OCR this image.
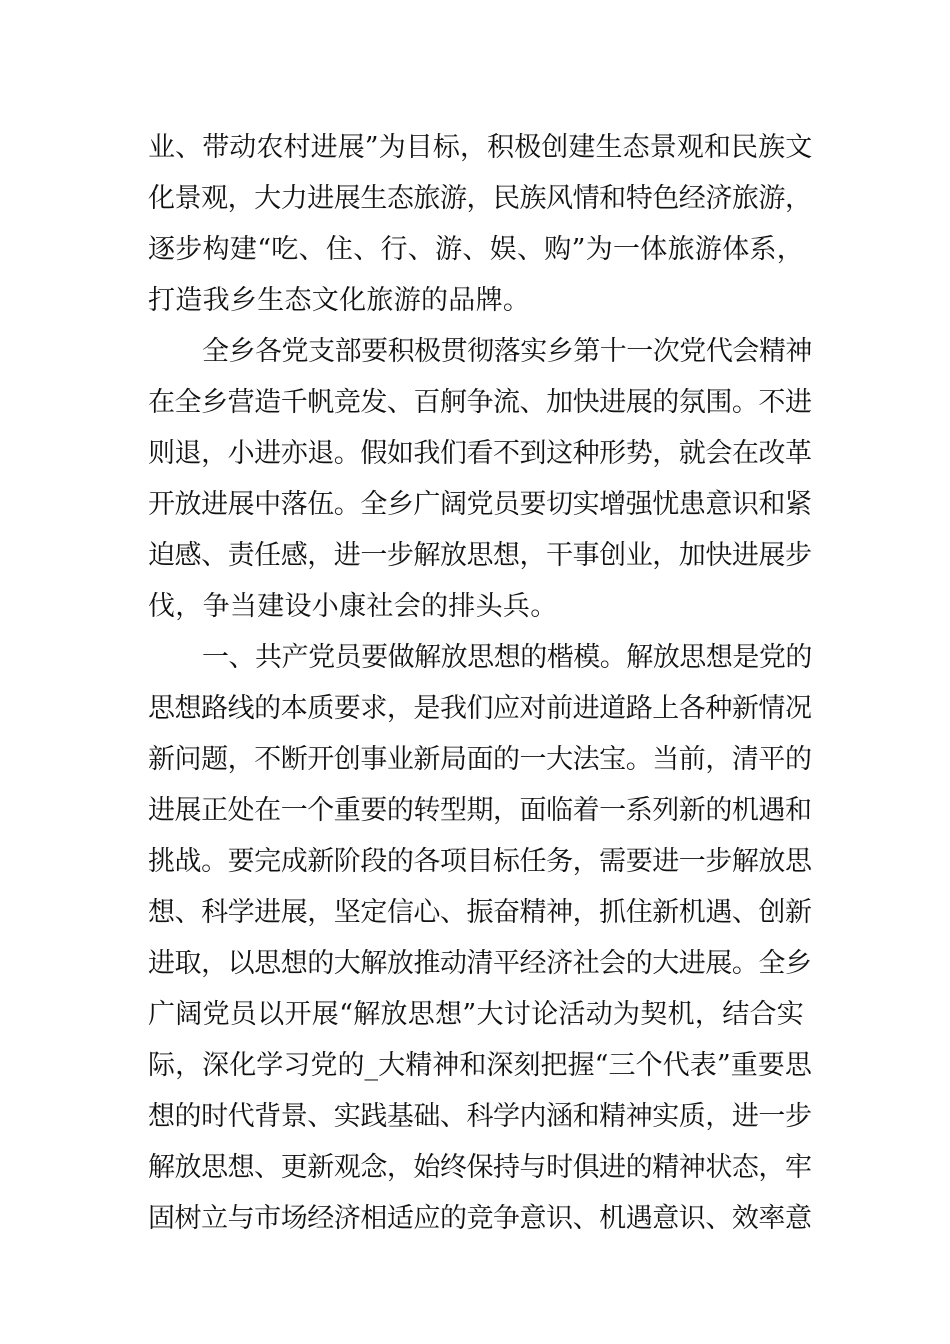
业、带动农村进展”为目标，积极创建生态景观和民族文
化景观，大力进展生态旅游，民族风情和特色经济旅游，
逐步构建“吃、住、行、游、娱、购”为一体旅游体系，
打造我乡生态文化旅游的品牌。
全乡各党支部要积极贯彻落实乡第十一次党代会精神
在全乡营造千帆竞发、百舸争流、加快进展的氛围。不进
则退，小进亦退。假如我们看不到这种形势，就会在改革
开放进展中落伍。全乡广阔党员要切实增强忧患意识和紧
迫感、责任感，进一步解放思想，干事创业，加快进展步
伐，争当建设小康社会的排头兵。
一、共产党员要做解放思想的楷模。解放思想是党的
思想路线的本质要求，是我们应对前进道路上各种新情况
新问题，不断开创事业新局面的一大法宝。当前，清平的
进展正处在一个重要的转型期，面临着一系列新的机遇和
挑战。要完成新阶段的各项目标任务，需要进一步解放思
想、科学进展，坚定信心、振奋精神，抓住新机遇、创新
进取，以思想的大解放推动清平经济社会的大进展。全乡
广阔党员以开展“解放思想”大讨论活动为契机，结合实
际，深化学习党的_大精神和深刻把握“三个代表”重要思
想的时代背景、实践基础、科学内涵和精神实质，进一步
解放思想、更新观念，始终保持与时俱进的精神状态，牢
固树立与市场经济相适应的竞争意识、机遇意识、效率意
